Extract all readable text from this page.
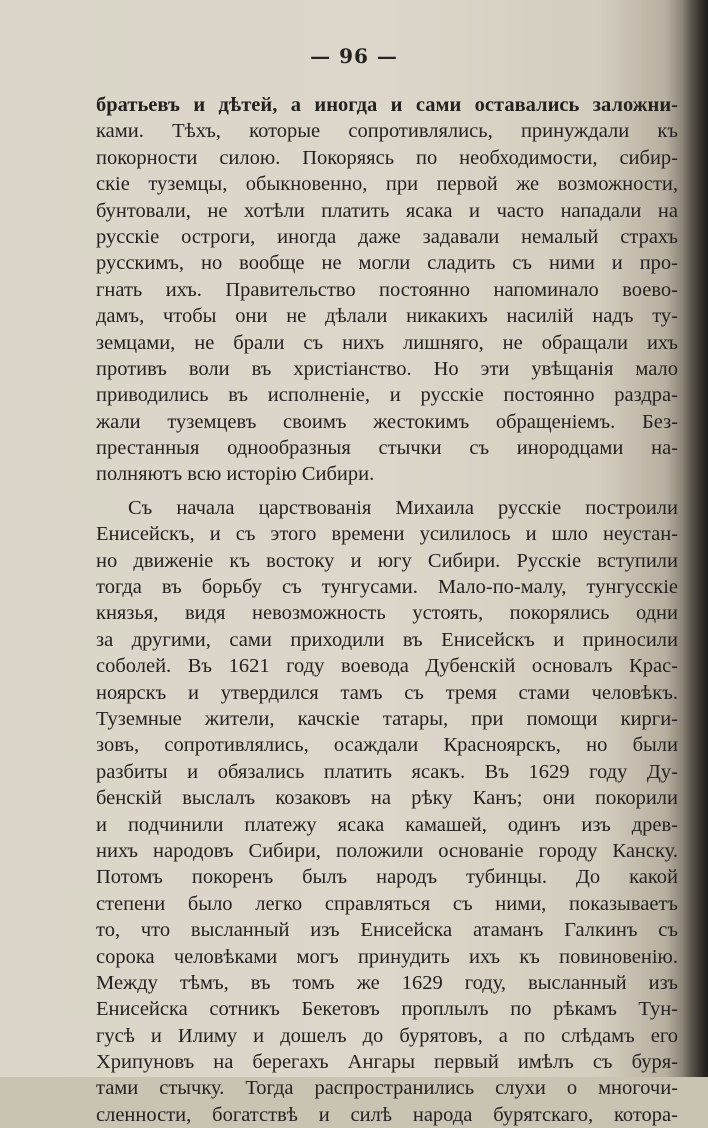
— 96 —
братьевъ и дѣтей, а иногда и сами оставались заложни-
ками. Тѣхъ, которые сопротивлялись, принуждали къ
покорности силою. Покоряясь по необходимости, сибир-
скіе туземцы, обыкновенно, при первой же возможности,
бунтовали, не хотѣли платить ясака и часто нападали на
русскіе остроги, иногда даже задавали немалый страхъ
русскимъ, но вообще не могли сладить съ ними и про-
гнать ихъ. Правительство постоянно напоминало воево-
дамъ, чтобы они не дѣлали никакихъ насилій надъ ту-
земцами, не брали съ нихъ лишняго, не обращали ихъ
противъ воли въ христіанство. Но эти увѣщанія мало
приводились въ исполненіе, и русскіе постоянно раздра-
жали туземцевъ своимъ жестокимъ обращеніемъ. Без-
престанныя однообразныя стычки съ инородцами на-
полняютъ всю исторію Сибири.
Съ начала царствованія Михаила русскіе построили
Енисейскъ, и съ этого времени усилилось и шло неустан-
но движеніе къ востоку и югу Сибири. Русскіе вступили
тогда въ борьбу съ тунгусами. Мало-по-малу, тунгусскіе
князья, видя невозможность устоять, покорялись одни
за другими, сами приходили въ Енисейскъ и приносили
соболей. Въ 1621 году воевода Дубенскій основалъ Крас-
ноярскъ и утвердился тамъ съ тремя стами человѣкъ.
Туземные жители, качскіе татары, при помощи кирги-
зовъ, сопротивлялись, осаждали Красноярскъ, но были
разбиты и обязались платить ясакъ. Въ 1629 году Ду-
бенскій выслалъ козаковъ на рѣку Канъ; они покорили
и подчинили платежу ясака камашей, одинъ изъ древ-
нихъ народовъ Сибири, положили основаніе городу Канску.
Потомъ покоренъ былъ народъ тубинцы. До какой
степени было легко справляться съ ними, показываетъ
то, что высланный изъ Енисейска атаманъ Галкинъ съ
сорока человѣками могъ принудить ихъ къ повиновенію.
Между тѣмъ, въ томъ же 1629 году, высланный изъ
Енисейска сотникъ Бекетовъ проплылъ по рѣкамъ Тун-
гусѣ и Илиму и дошелъ до бурятовъ, а по слѣдамъ его
Хрипуновъ на берегахъ Ангары первый имѣлъ съ буря-
тами стычку. Тогда распространились слухи о многочи-
сленности, богатствѣ и силѣ народа бурятскаго, котора-
